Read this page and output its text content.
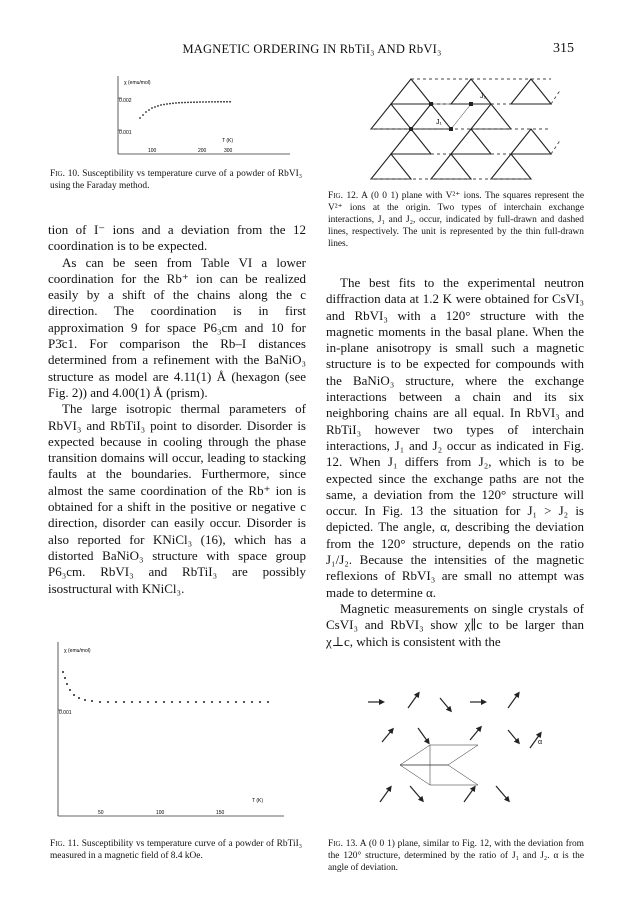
MAGNETIC ORDERING IN RbTiI₃ AND RbVI₃	315
χ (emu/mol)
0.002
0.001
T (K)
100	200	300
Fig. 10. Susceptibility vs temperature curve of a powder of RbVI₃ using the Faraday method.
J₂
J₁
Fig. 12. A (0 0 1) plane with V²⁺ ions. The squares represent the V²⁺ ions at the origin. Two types of interchain exchange interactions, J₁ and J₂, occur, indicated by full-drawn and dashed lines, respectively. The unit is represented by the thin full-drawn lines.

tion of I⁻ ions and a deviation from the 12 coordination is to be expected.

As can be seen from Table VI a lower coordination for the Rb⁺ ion can be realized easily by a shift of the chains along the c direction. The coordination is in first approximation 9 for space P6₃cm and 10 for P3̄c1. For comparison the Rb–I distances determined from a refinement with the BaNiO₃ structure as model are 4.11(1) Å (hexagon (see Fig. 2)) and 4.00(1) Å (prism).

The large isotropic thermal parameters of RbVI₃ and RbTiI₃ point to disorder. Disorder is expected because in cooling through the phase transition domains will occur, leading to stacking faults at the boundaries. Furthermore, since almost the same coordination of the Rb⁺ ion is obtained for a shift in the positive or negative c direction, disorder can easily occur. Disorder is also reported for KNiCl₃ (16), which has a distorted BaNiO₃ structure with space group P6₃cm. RbVI₃ and RbTiI₃ are possibly isostructural with KNiCl₃.

The best fits to the experimental neutron diffraction data at 1.2 K were obtained for CsVI₃ and RbVI₃ with a 120° structure with the magnetic moments in the basal plane. When the in-plane anisotropy is small such a magnetic structure is to be expected for compounds with the BaNiO₃ structure, where the exchange interactions between a chain and its six neighboring chains are all equal. In RbVI₃ and RbTiI₃ however two types of interchain interactions, J₁ and J₂ occur as indicated in Fig. 12. When J₁ differs from J₂, which is to be expected since the exchange paths are not the same, a deviation from the 120° structure will occur. In Fig. 13 the situation for J₁ > J₂ is depicted. The angle, α, describing the deviation from the 120° structure, depends on the ratio J₁/J₂. Because the intensities of the magnetic reflexions of RbVI₃ are small no attempt was made to determine α.

Magnetic measurements on single crystals of CsVI₃ and RbVI₃ show χ∥c to be larger than χ⊥c, which is consistent with the

χ (emu/mol)
0.001
T (K)
50	100	150
Fig. 11. Susceptibility vs temperature curve of a powder of RbTiI₃ measured in a magnetic field of 8.4 kOe.
α
Fig. 13. A (0 0 1) plane, similar to Fig. 12, with the deviation from the 120° structure, determined by the ratio of J₁ and J₂. α is the angle of deviation.
